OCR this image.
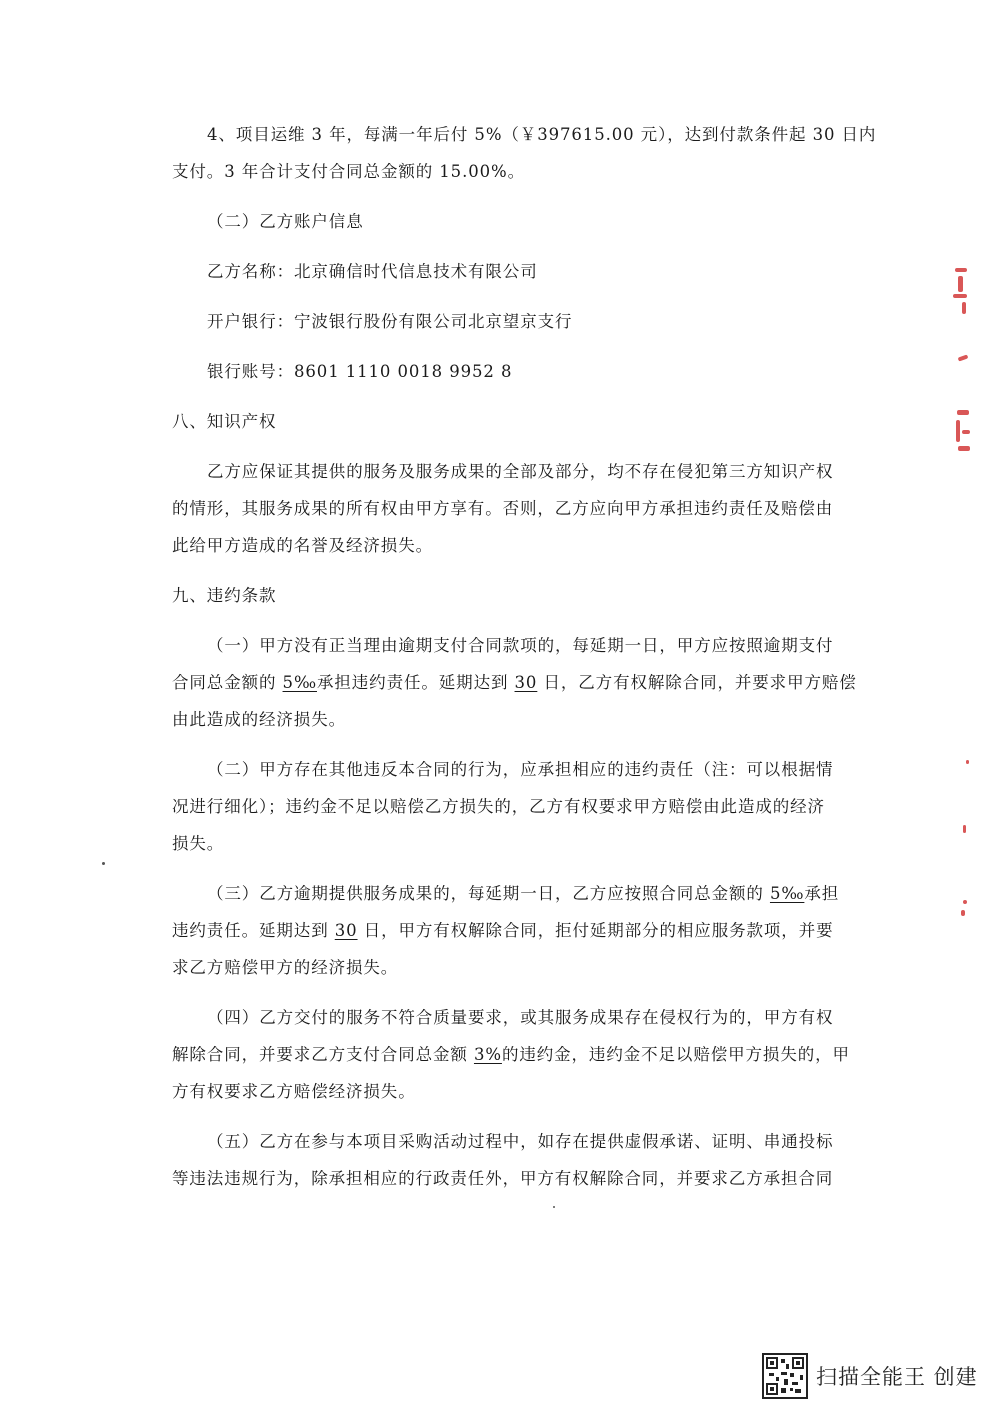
4、项目运维 3 年，每满一年后付 5%（￥397615.00 元），达到付款条件起 30 日内
支付。3 年合计支付合同总金额的 15.00%。
（二）乙方账户信息
乙方名称：北京确信时代信息技术有限公司
开户银行：宁波银行股份有限公司北京望京支行
银行账号：8601 1110 0018 9952 8
八、知识产权
乙方应保证其提供的服务及服务成果的全部及部分，均不存在侵犯第三方知识产权
的情形，其服务成果的所有权由甲方享有。否则，乙方应向甲方承担违约责任及赔偿由
此给甲方造成的名誉及经济损失。
九、违约条款
（一）甲方没有正当理由逾期支付合同款项的，每延期一日，甲方应按照逾期支付
合同总金额的 5‰承担违约责任。延期达到 30 日，乙方有权解除合同，并要求甲方赔偿
由此造成的经济损失。
（二）甲方存在其他违反本合同的行为，应承担相应的违约责任（注：可以根据情
况进行细化）；违约金不足以赔偿乙方损失的，乙方有权要求甲方赔偿由此造成的经济
损失。
（三）乙方逾期提供服务成果的，每延期一日，乙方应按照合同总金额的 5‰承担
违约责任。延期达到 30 日，甲方有权解除合同，拒付延期部分的相应服务款项，并要
求乙方赔偿甲方的经济损失。
（四）乙方交付的服务不符合质量要求，或其服务成果存在侵权行为的，甲方有权
解除合同，并要求乙方支付合同总金额 3%的违约金，违约金不足以赔偿甲方损失的，甲
方有权要求乙方赔偿经济损失。
（五）乙方在参与本项目采购活动过程中，如存在提供虚假承诺、证明、串通投标
等违法违规行为，除承担相应的行政责任外，甲方有权解除合同，并要求乙方承担合同
扫描全能王 创建
